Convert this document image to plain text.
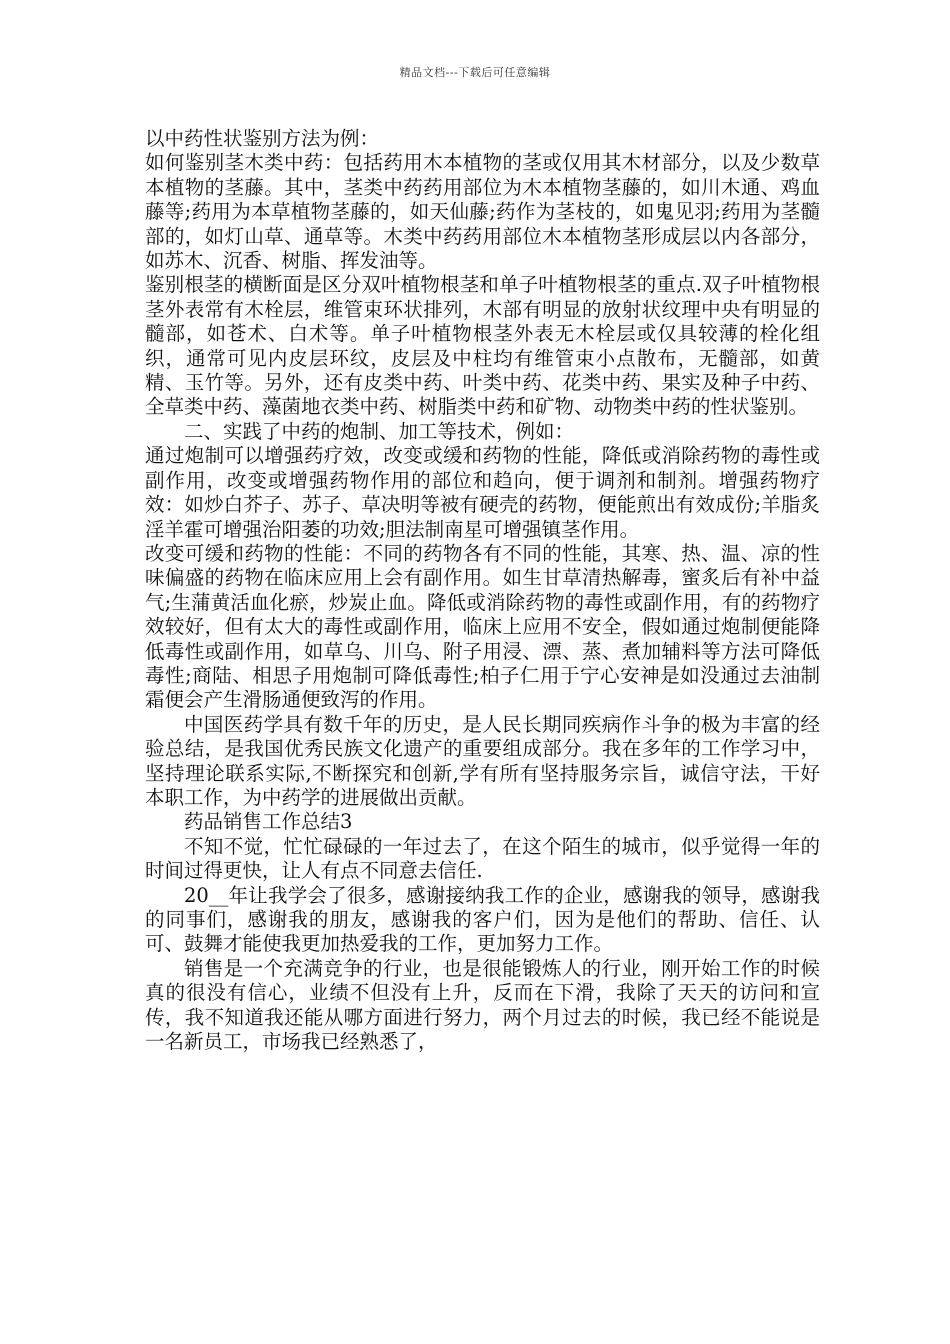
精品文档---下载后可任意编辑

以中药性状鉴别方法为例：

如何鉴别茎木类中药：包括药用木本植物的茎或仅用其木材部分，以及少数草本植物的茎藤。其中，茎类中药药用部位为木本植物茎藤的，如川木通、鸡血藤等;药用为本草植物茎藤的，如天仙藤;药作为茎枝的，如鬼见羽;药用为茎髓部的，如灯山草、通草等。木类中药药用部位木本植物茎形成层以内各部分，如苏木、沉香、树脂、挥发油等。

鉴别根茎的横断面是区分双叶植物根茎和单子叶植物根茎的重点.双子叶植物根茎外表常有木栓层，维管束环状排列，木部有明显的放射状纹理中央有明显的髓部，如苍术、白术等。单子叶植物根茎外表无木栓层或仅具较薄的栓化组织，通常可见内皮层环纹，皮层及中柱均有维管束小点散布，无髓部，如黄精、玉竹等。另外，还有皮类中药、叶类中药、花类中药、果实及种子中药、全草类中药、藻菌地衣类中药、树脂类中药和矿物、动物类中药的性状鉴别。

二、实践了中药的炮制、加工等技术，例如：

通过炮制可以增强药疗效，改变或缓和药物的性能，降低或消除药物的毒性或副作用，改变或增强药物作用的部位和趋向，便于调剂和制剂。增强药物疗效：如炒白芥子、苏子、草决明等被有硬壳的药物，便能煎出有效成份;羊脂炙淫羊霍可增强治阳萎的功效;胆法制南星可增强镇茎作用。

改变可缓和药物的性能：不同的药物各有不同的性能，其寒、热、温、凉的性味偏盛的药物在临床应用上会有副作用。如生甘草清热解毒，蜜炙后有补中益气;生蒲黄活血化瘀，炒炭止血。降低或消除药物的毒性或副作用，有的药物疗效较好，但有太大的毒性或副作用，临床上应用不安全，假如通过炮制便能降低毒性或副作用，如草乌、川乌、附子用浸、漂、蒸、煮加辅料等方法可降低毒性;商陆、相思子用炮制可降低毒性;柏子仁用于宁心安神是如没通过去油制霜便会产生滑肠通便致泻的作用。

中国医药学具有数千年的历史，是人民长期同疾病作斗争的极为丰富的经验总结，是我国优秀民族文化遗产的重要组成部分。我在多年的工作学习中，坚持理论联系实际,不断探究和创新,学有所有坚持服务宗旨，诚信守法，干好本职工作，为中药学的进展做出贡献。

药品销售工作总结3

不知不觉，忙忙碌碌的一年过去了，在这个陌生的城市，似乎觉得一年的时间过得更快，让人有点不同意去信任.

20__年让我学会了很多，感谢接纳我工作的企业，感谢我的领导，感谢我的同事们，感谢我的朋友，感谢我的客户们，因为是他们的帮助、信任、认可、鼓舞才能使我更加热爱我的工作，更加努力工作。

销售是一个充满竞争的行业，也是很能锻炼人的行业，刚开始工作的时候真的很没有信心，业绩不但没有上升，反而在下滑，我除了天天的访问和宣传，我不知道我还能从哪方面进行努力，两个月过去的时候，我已经不能说是一名新员工，市场我已经熟悉了，
